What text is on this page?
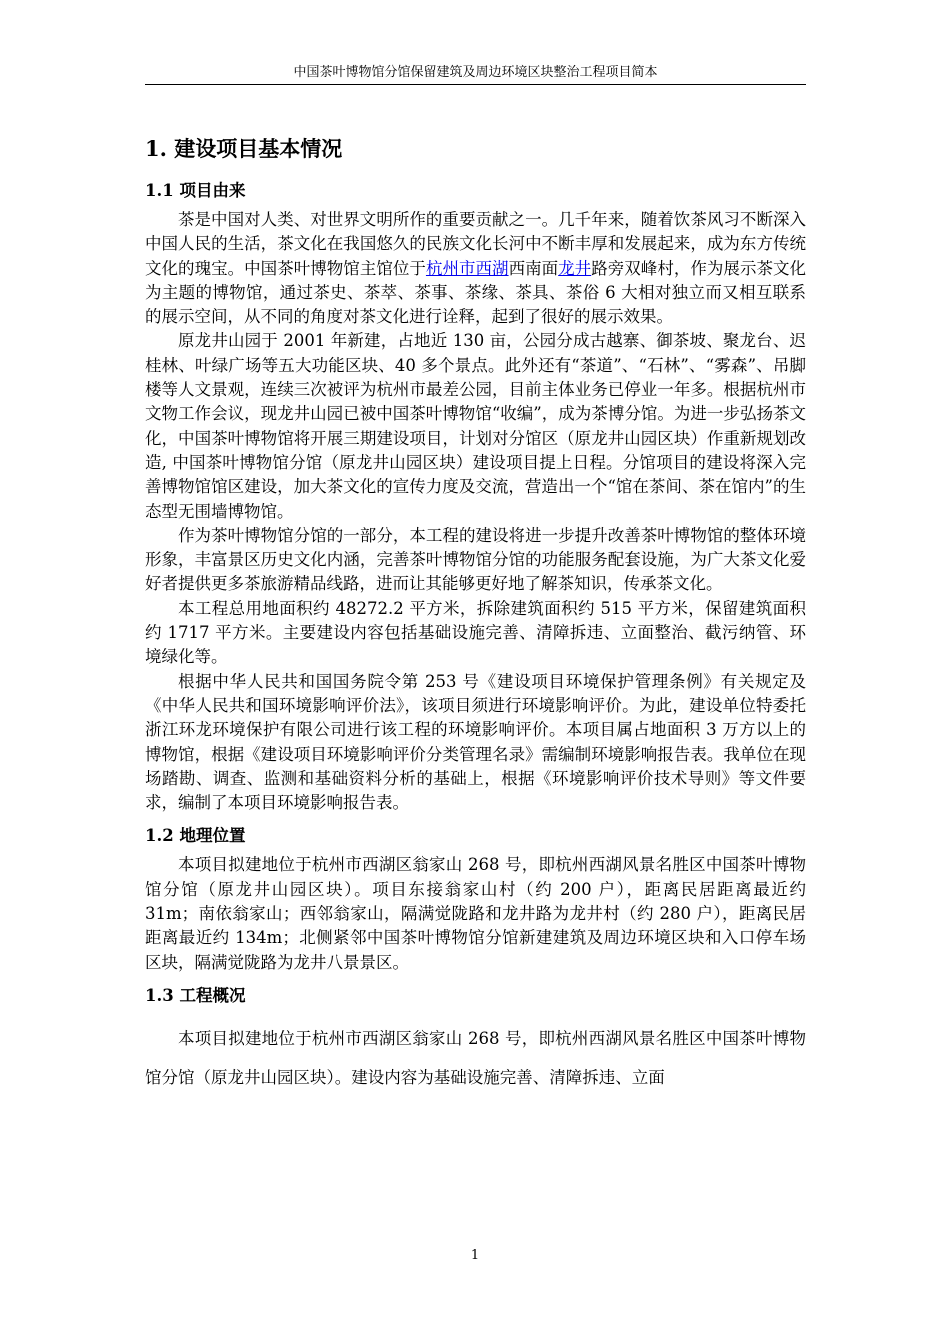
中国茶叶博物馆分馆保留建筑及周边环境区块整治工程项目简本
1. 建设项目基本情况
1.1 项目由来

茶是中国对人类、对世界文明所作的重要贡献之一。几千年来，随着饮茶风习不断深入中国人民的生活，茶文化在我国悠久的民族文化长河中不断丰厚和发展起来，成为东方传统文化的瑰宝。中国茶叶博物馆主馆位于杭州市西湖西南面龙井路旁双峰村，作为展示茶文化为主题的博物馆，通过茶史、茶萃、茶事、茶缘、茶具、茶俗 6 大相对独立而又相互联系的展示空间，从不同的角度对茶文化进行诠释，起到了很好的展示效果。

原龙井山园于 2001 年新建，占地近 130 亩，公园分成古越寨、御茶坡、聚龙台、迟桂林、叶绿广场等五大功能区块、40 多个景点。此外还有“茶道”、“石林”、“雾森”、吊脚楼等人文景观，连续三次被评为杭州市最差公园，目前主体业务已停业一年多。根据杭州市文物工作会议，现龙井山园已被中国茶叶博物馆“收编”，成为茶博分馆。为进一步弘扬茶文化，中国茶叶博物馆将开展三期建设项目，计划对分馆区（原龙井山园区块）作重新规划改造, 中国茶叶博物馆分馆（原龙井山园区块）建设项目提上日程。分馆项目的建设将深入完善博物馆馆区建设，加大茶文化的宣传力度及交流，营造出一个“馆在茶间、茶在馆内”的生态型无围墙博物馆。

作为茶叶博物馆分馆的一部分，本工程的建设将进一步提升改善茶叶博物馆的整体环境形象，丰富景区历史文化内涵，完善茶叶博物馆分馆的功能服务配套设施，为广大茶文化爱好者提供更多茶旅游精品线路，进而让其能够更好地了解茶知识，传承茶文化。

本工程总用地面积约 48272.2 平方米，拆除建筑面积约 515 平方米，保留建筑面积约 1717 平方米。主要建设内容包括基础设施完善、清障拆违、立面整治、截污纳管、环境绿化等。

根据中华人民共和国国务院令第 253 号《建设项目环境保护管理条例》有关规定及《中华人民共和国环境影响评价法》，该项目须进行环境影响评价。为此，建设单位特委托浙江环龙环境保护有限公司进行该工程的环境影响评价。本项目属占地面积 3 万方以上的博物馆，根据《建设项目环境影响评价分类管理名录》需编制环境影响报告表。我单位在现场踏勘、调查、监测和基础资料分析的基础上，根据《环境影响评价技术导则》等文件要求，编制了本项目环境影响报告表。

1.2 地理位置

本项目拟建地位于杭州市西湖区翁家山 268 号，即杭州西湖风景名胜区中国茶叶博物馆分馆（原龙井山园区块）。项目东接翁家山村（约 200 户），距离民居距离最近约 31m；南依翁家山；西邻翁家山，隔满觉陇路和龙井路为龙井村（约 280 户），距离民居距离最近约 134m；北侧紧邻中国茶叶博物馆分馆新建建筑及周边环境区块和入口停车场区块，隔满觉陇路为龙井八景景区。

1.3 工程概况

本项目拟建地位于杭州市西湖区翁家山 268 号，即杭州西湖风景名胜区中国茶叶博物馆分馆（原龙井山园区块）。建设内容为基础设施完善、清障拆违、立面

1
